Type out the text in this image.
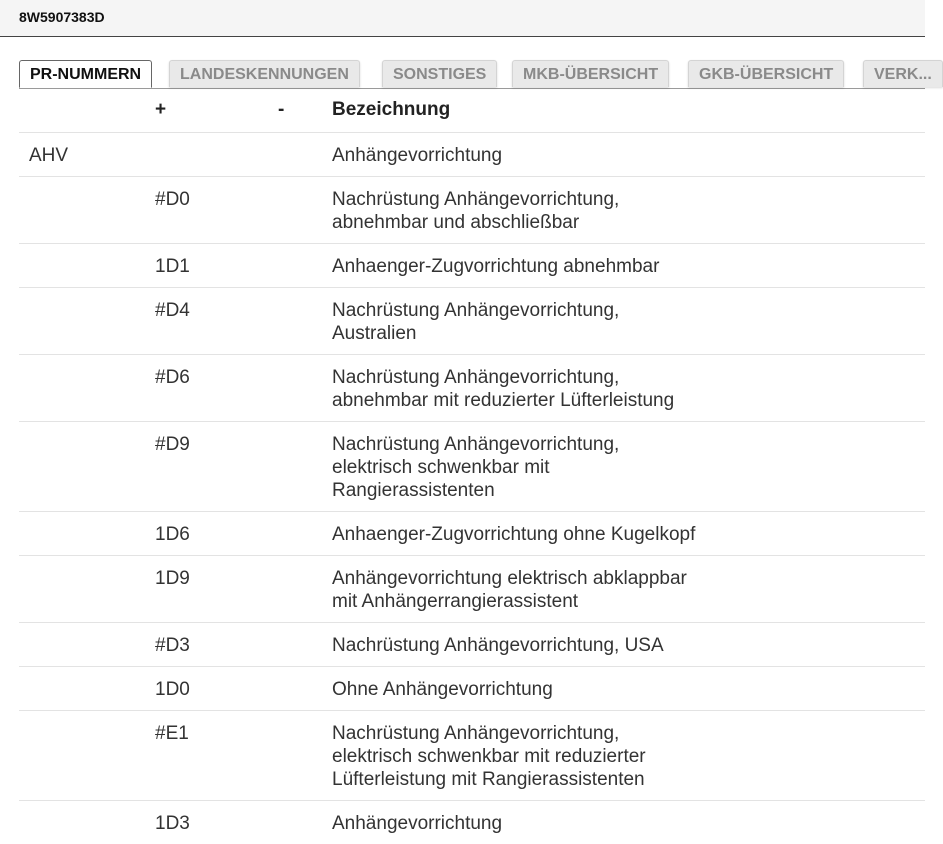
8W5907383D
PR-NUMMERN	LANDESKENNUNGEN	SONSTIGES	MKB-ÜBERSICHT	GKB-ÜBERSICHT	VERK...
+	-	Bezeichnung
AHV	Anhängevorrichtung
#D0	Nachrüstung Anhängevorrichtung,
abnehmbar und abschließbar
1D1	Anhaenger-Zugvorrichtung abnehmbar
#D4	Nachrüstung Anhängevorrichtung,
Australien
#D6	Nachrüstung Anhängevorrichtung,
abnehmbar mit reduzierter Lüfterleistung
#D9	Nachrüstung Anhängevorrichtung,
elektrisch schwenkbar mit
Rangierassistenten
1D6	Anhaenger-Zugvorrichtung ohne Kugelkopf
1D9	Anhängevorrichtung elektrisch abklappbar
mit Anhängerrangierassistent
#D3	Nachrüstung Anhängevorrichtung, USA
1D0	Ohne Anhängevorrichtung
#E1	Nachrüstung Anhängevorrichtung,
elektrisch schwenkbar mit reduzierter
Lüfterleistung mit Rangierassistenten
1D3	Anhängevorrichtung
